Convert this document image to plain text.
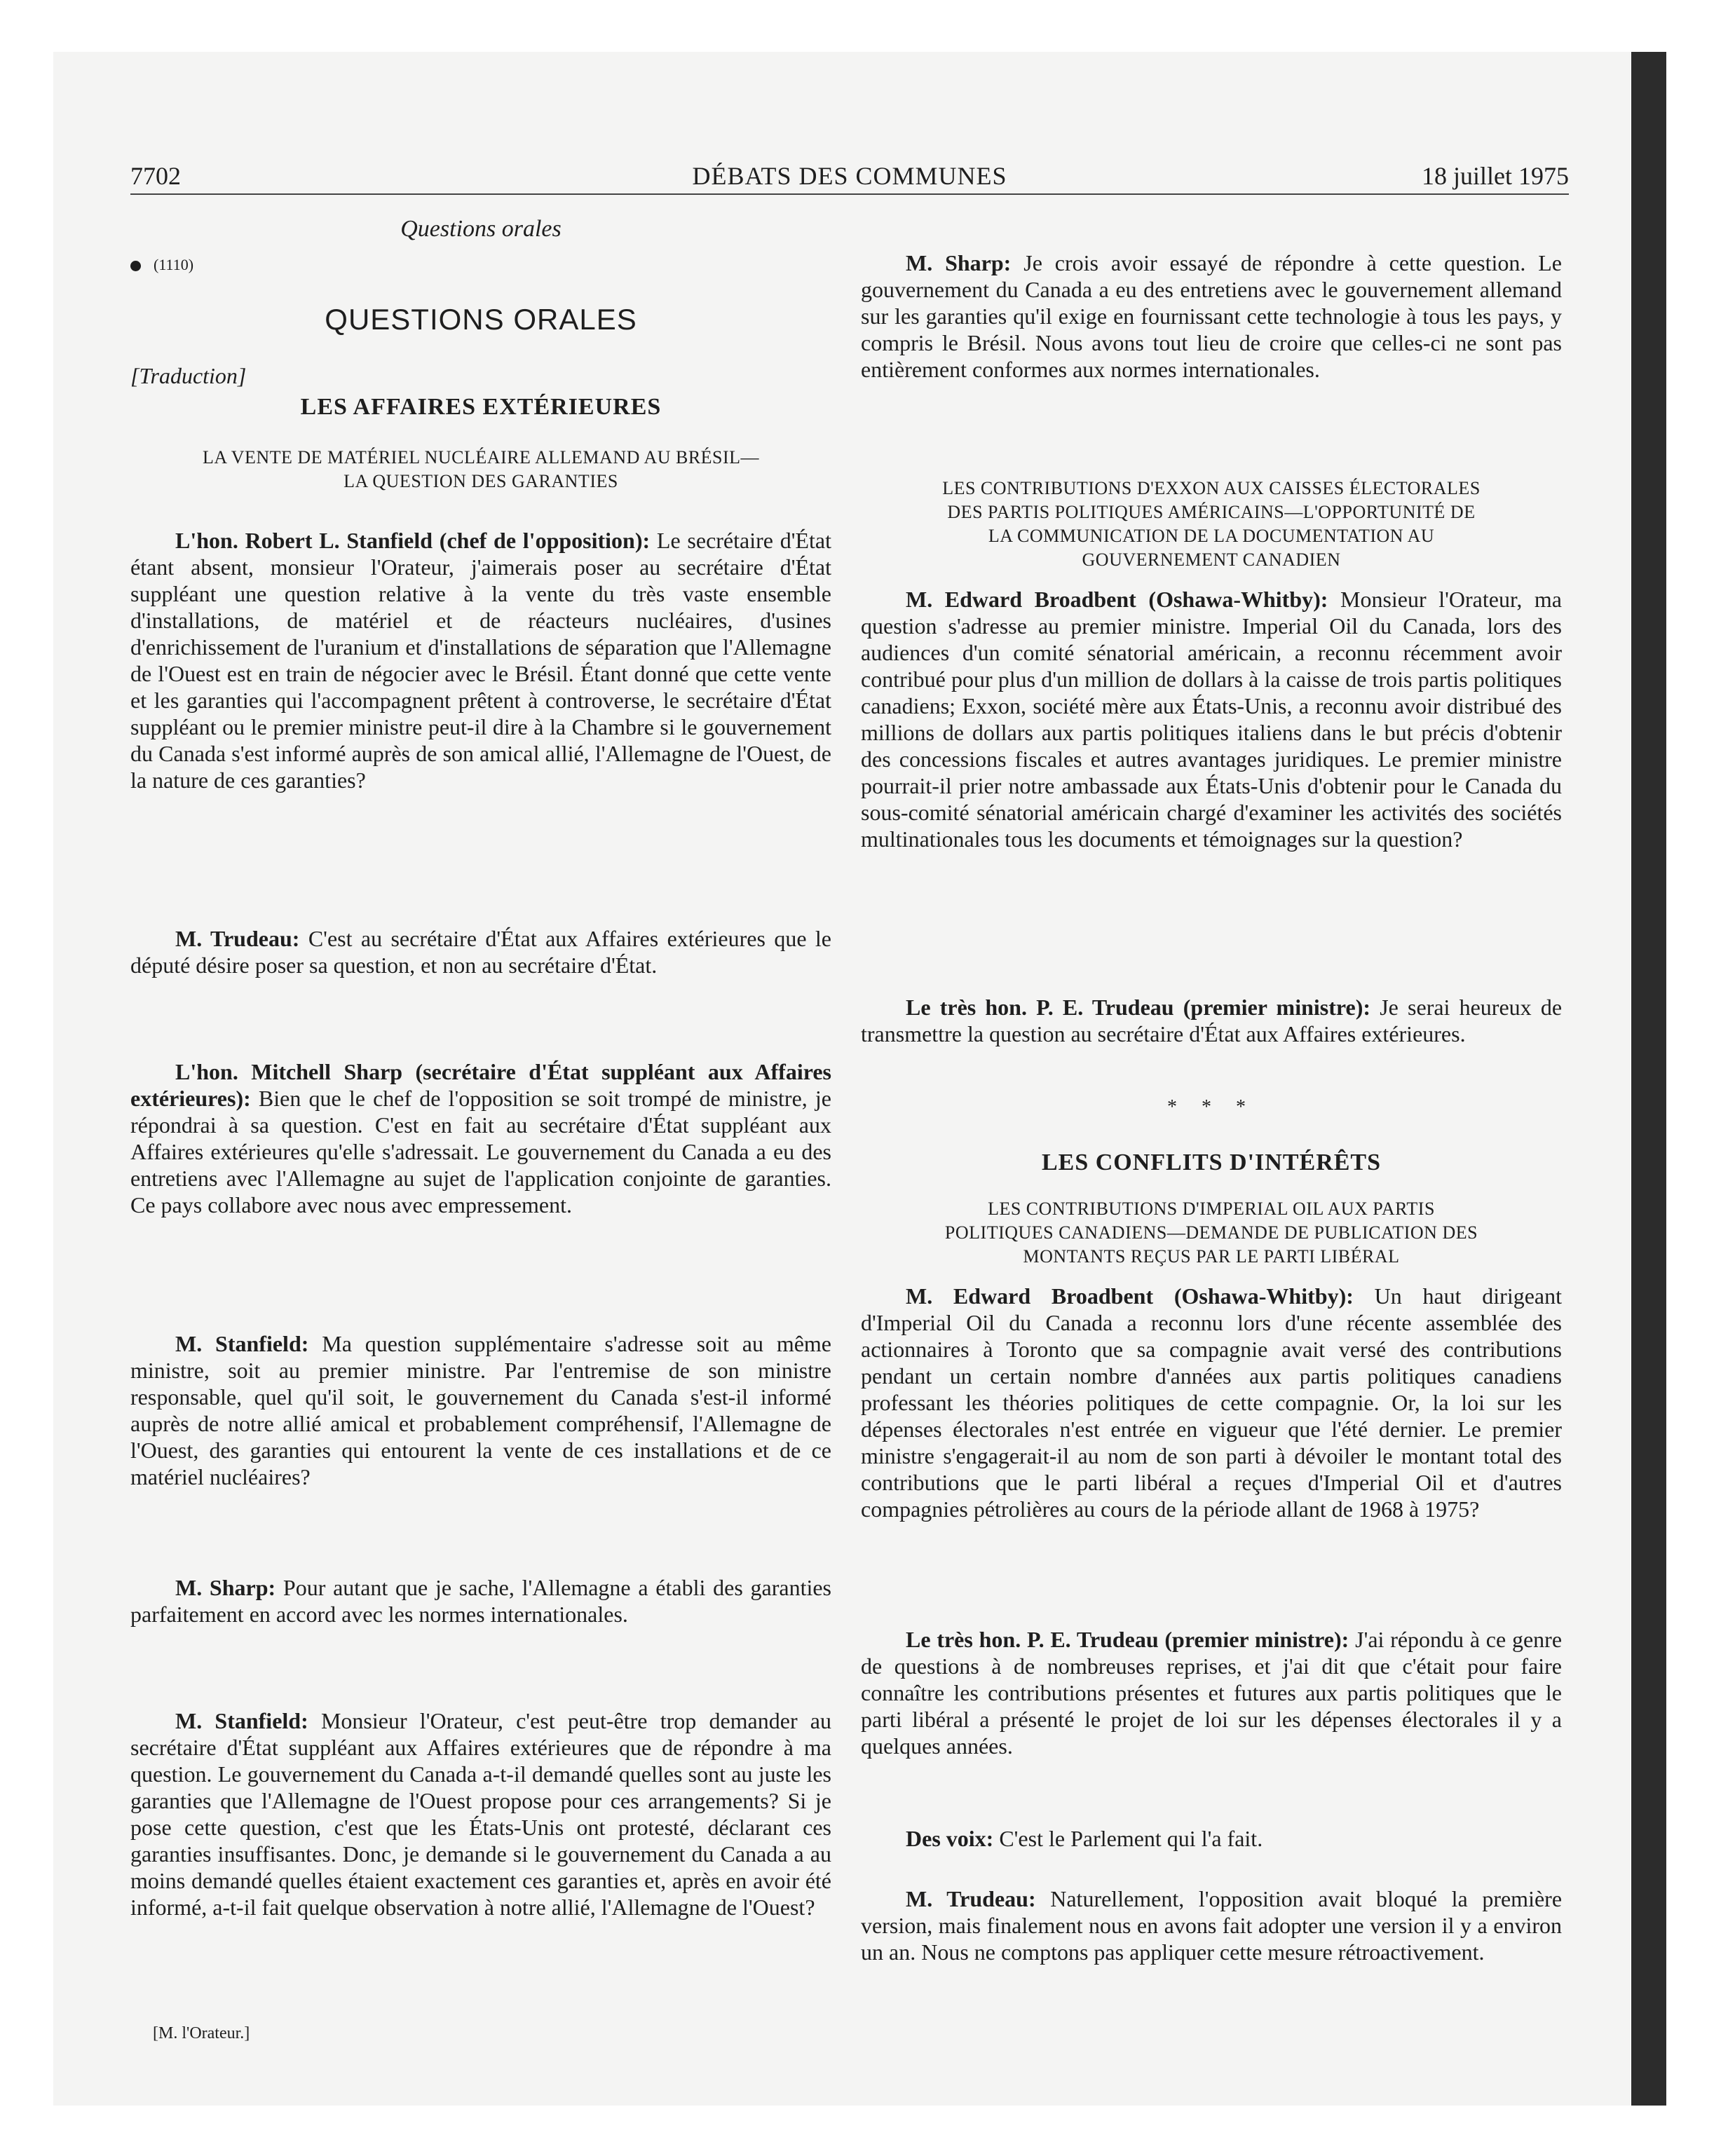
7702	DÉBATS DES COMMUNES	18 juillet 1975
Questions orales
(1110)
QUESTIONS ORALES
[Traduction]
LES AFFAIRES EXTÉRIEURES
LA VENTE DE MATÉRIEL NUCLÉAIRE ALLEMAND AU BRÉSIL—
LA QUESTION DES GARANTIES
  L'hon. Robert L. Stanfield (chef de l'opposition): Le secrétaire d'État étant absent, monsieur l'Orateur, j'aimerais poser au secrétaire d'État suppléant une question relative à la vente du très vaste ensemble d'installations, de matériel et de réacteurs nucléaires, d'usines d'enrichissement de l'uranium et d'installations de séparation que l'Allemagne de l'Ouest est en train de négocier avec le Brésil. Étant donné que cette vente et les garanties qui l'accompagnent prêtent à controverse, le secrétaire d'État suppléant ou le premier ministre peut-il dire à la Chambre si le gouvernement du Canada s'est informé auprès de son amical allié, l'Allemagne de l'Ouest, de la nature de ces garanties?
  M. Trudeau: C'est au secrétaire d'État aux Affaires extérieures que le député désire poser sa question, et non au secrétaire d'État.
  L'hon. Mitchell Sharp (secrétaire d'État suppléant aux Affaires extérieures): Bien que le chef de l'opposition se soit trompé de ministre, je répondrai à sa question. C'est en fait au secrétaire d'État suppléant aux Affaires extérieures qu'elle s'adressait. Le gouvernement du Canada a eu des entretiens avec l'Allemagne au sujet de l'application conjointe de garanties. Ce pays collabore avec nous avec empressement.
  M. Stanfield: Ma question supplémentaire s'adresse soit au même ministre, soit au premier ministre. Par l'entremise de son ministre responsable, quel qu'il soit, le gouvernement du Canada s'est-il informé auprès de notre allié amical et probablement compréhensif, l'Allemagne de l'Ouest, des garanties qui entourent la vente de ces installations et de ce matériel nucléaires?
  M. Sharp: Pour autant que je sache, l'Allemagne a établi des garanties parfaitement en accord avec les normes internationales.
  M. Stanfield: Monsieur l'Orateur, c'est peut-être trop demander au secrétaire d'État suppléant aux Affaires extérieures que de répondre à ma question. Le gouvernement du Canada a-t-il demandé quelles sont au juste les garanties que l'Allemagne de l'Ouest propose pour ces arrangements? Si je pose cette question, c'est que les États-Unis ont protesté, déclarant ces garanties insuffisantes. Donc, je demande si le gouvernement du Canada a au moins demandé quelles étaient exactement ces garanties et, après en avoir été informé, a-t-il fait quelque observation à notre allié, l'Allemagne de l'Ouest?
[M. l'Orateur.]
  M. Sharp: Je crois avoir essayé de répondre à cette question. Le gouvernement du Canada a eu des entretiens avec le gouvernement allemand sur les garanties qu'il exige en fournissant cette technologie à tous les pays, y compris le Brésil. Nous avons tout lieu de croire que celles-ci ne sont pas entièrement conformes aux normes internationales.
LES CONTRIBUTIONS D'EXXON AUX CAISSES ÉLECTORALES
DES PARTIS POLITIQUES AMÉRICAINS—L'OPPORTUNITÉ DE
LA COMMUNICATION DE LA DOCUMENTATION AU
GOUVERNEMENT CANADIEN
  M. Edward Broadbent (Oshawa-Whitby): Monsieur l'Orateur, ma question s'adresse au premier ministre. Imperial Oil du Canada, lors des audiences d'un comité sénatorial américain, a reconnu récemment avoir contribué pour plus d'un million de dollars à la caisse de trois partis politiques canadiens; Exxon, société mère aux États-Unis, a reconnu avoir distribué des millions de dollars aux partis politiques italiens dans le but précis d'obtenir des concessions fiscales et autres avantages juridiques. Le premier ministre pourrait-il prier notre ambassade aux États-Unis d'obtenir pour le Canada du sous-comité sénatorial américain chargé d'examiner les activités des sociétés multinationales tous les documents et témoignages sur la question?
  Le très hon. P. E. Trudeau (premier ministre): Je serai heureux de transmettre la question au secrétaire d'État aux Affaires extérieures.
* * *
LES CONFLITS D'INTÉRÊTS
LES CONTRIBUTIONS D'IMPERIAL OIL AUX PARTIS
POLITIQUES CANADIENS—DEMANDE DE PUBLICATION DES
MONTANTS REÇUS PAR LE PARTI LIBÉRAL
  M. Edward Broadbent (Oshawa-Whitby): Un haut dirigeant d'Imperial Oil du Canada a reconnu lors d'une récente assemblée des actionnaires à Toronto que sa compagnie avait versé des contributions pendant un certain nombre d'années aux partis politiques canadiens professant les théories politiques de cette compagnie. Or, la loi sur les dépenses électorales n'est entrée en vigueur que l'été dernier. Le premier ministre s'engagerait-il au nom de son parti à dévoiler le montant total des contributions que le parti libéral a reçues d'Imperial Oil et d'autres compagnies pétrolières au cours de la période allant de 1968 à 1975?
  Le très hon. P. E. Trudeau (premier ministre): J'ai répondu à ce genre de questions à de nombreuses reprises, et j'ai dit que c'était pour faire connaître les contributions présentes et futures aux partis politiques que le parti libéral a présenté le projet de loi sur les dépenses électorales il y a quelques années.
  Des voix: C'est le Parlement qui l'a fait.
  M. Trudeau: Naturellement, l'opposition avait bloqué la première version, mais finalement nous en avons fait adopter une version il y a environ un an. Nous ne comptons pas appliquer cette mesure rétroactivement.
